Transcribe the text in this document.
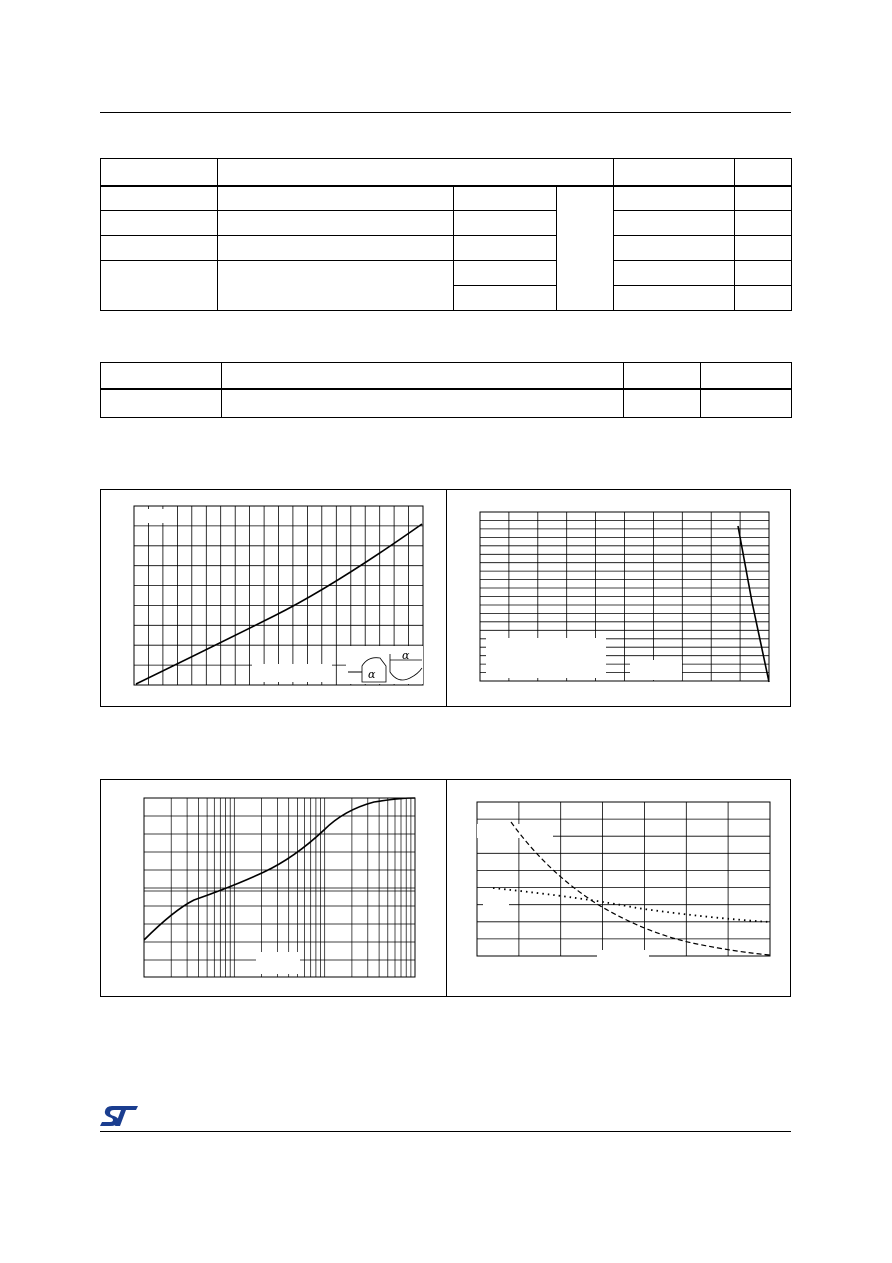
α
α
